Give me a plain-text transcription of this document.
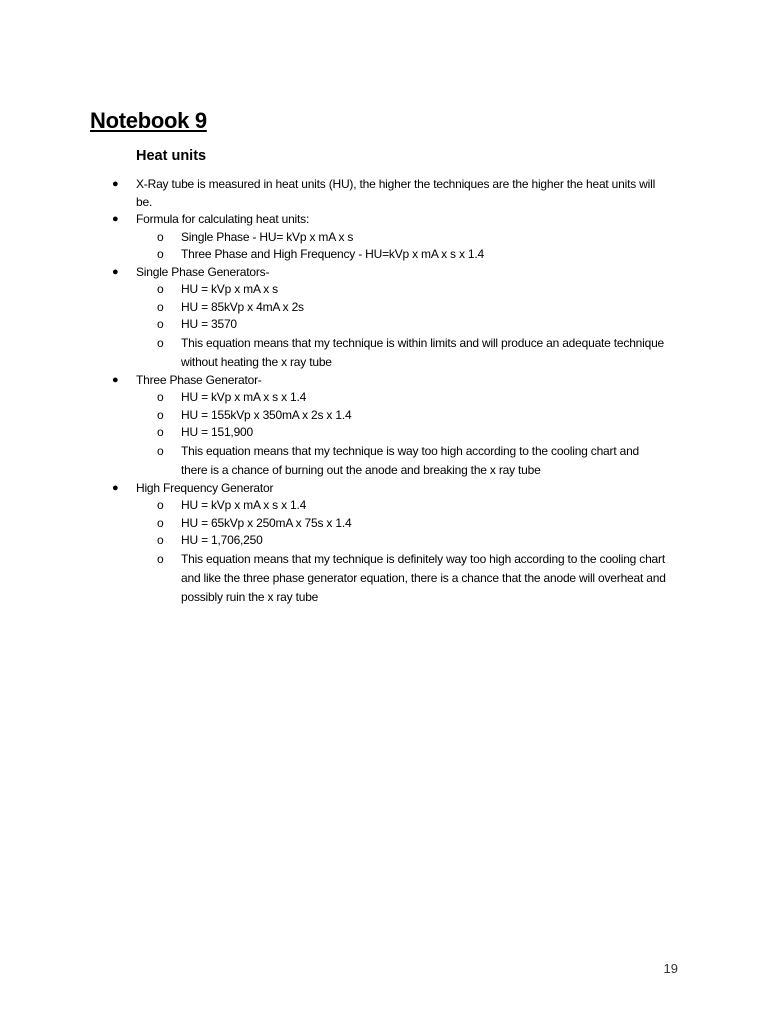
Notebook 9
Heat units
● X-Ray tube is measured in heat units (HU), the higher the techniques are the higher the heat units will be.
● Formula for calculating heat units:
o Single Phase - HU= kVp x mA x s
o Three Phase and High Frequency - HU=kVp x mA x s x 1.4
● Single Phase Generators-
o HU = kVp x mA x s
o HU = 85kVp x 4mA x 2s
o HU = 3570
o This equation means that my technique is within limits and will produce an adequate technique without heating the x ray tube
● Three Phase Generator-
o HU = kVp x mA x s x 1.4
o HU = 155kVp x 350mA x 2s x 1.4
o HU = 151,900
o This equation means that my technique is way too high according to the cooling chart and there is a chance of burning out the anode and breaking the x ray tube
● High Frequency Generator
o HU = kVp x mA x s x 1.4
o HU = 65kVp x 250mA x 75s x 1.4
o HU = 1,706,250
o This equation means that my technique is definitely way too high according to the cooling chart and like the three phase generator equation, there is a chance that the anode will overheat and possibly ruin the x ray tube
19
